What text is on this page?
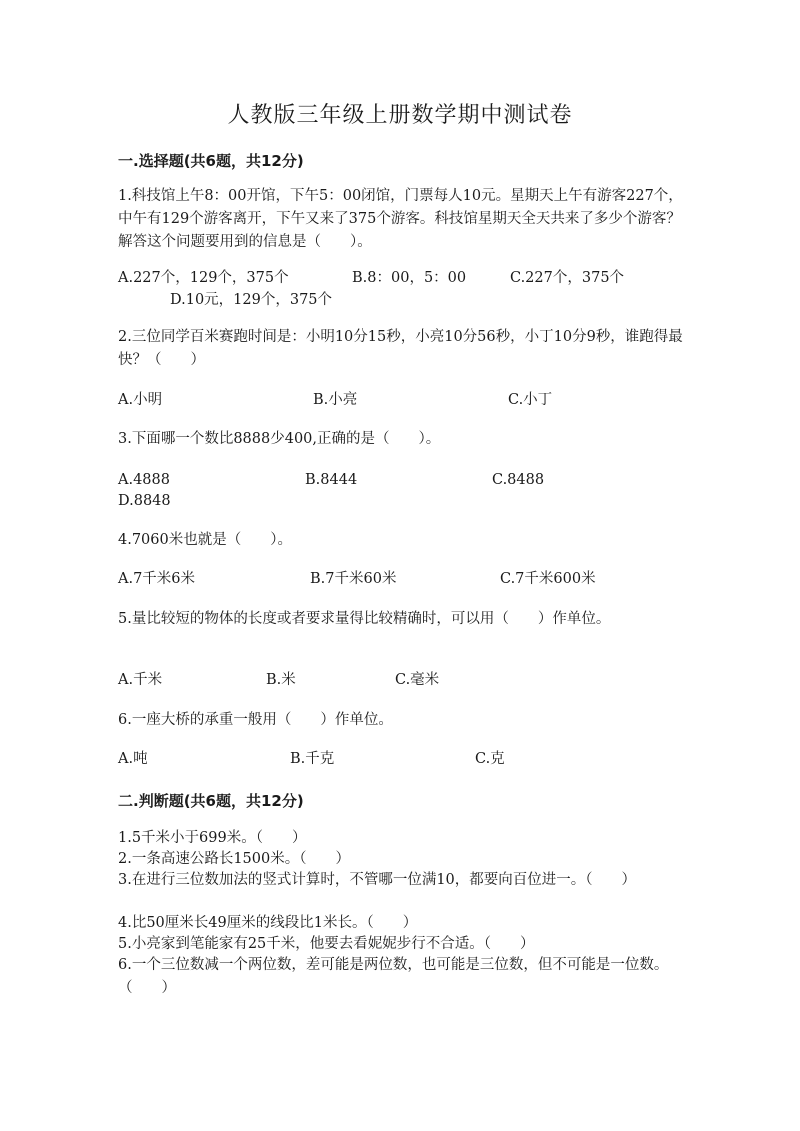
人教版三年级上册数学期中测试卷
一.选择题(共6题，共12分)
1.科技馆上午8：00开馆，下午5：00闭馆，门票每人10元。星期天上午有游客227个，中午有129个游客离开，下午又来了375个游客。科技馆星期天全天共来了多少个游客？解答这个问题要用到的信息是（　　）。
A.227个，129个，375个	B.8：00，5：00	C.227个，375个
D.10元，129个，375个
2.三位同学百米赛跑时间是：小明10分15秒，小亮10分56秒，小丁10分9秒，谁跑得最快？（　　）
A.小明	B.小亮	C.小丁
3.下面哪一个数比8888少400,正确的是（　　）。
A.4888	B.8444	C.8488
D.8848
4.7060米也就是（　　）。
A.7千米6米	B.7千米60米	C.7千米600米
5.量比较短的物体的长度或者要求量得比较精确时，可以用（　　）作单位。
A.千米	B.米	C.毫米
6.一座大桥的承重一般用（　　）作单位。
A.吨	B.千克	C.克
二.判断题(共6题，共12分)
1.5千米小于699米。（　　）
2.一条高速公路长1500米。（　　）
3.在进行三位数加法的竖式计算时，不管哪一位满10，都要向百位进一。（　　）
4.比50厘米长49厘米的线段比1米长。（　　）
5.小亮家到笔能家有25千米，他要去看妮妮步行不合适。（　　）
6.一个三位数减一个两位数，差可能是两位数，也可能是三位数，但不可能是一位数。（　　）
